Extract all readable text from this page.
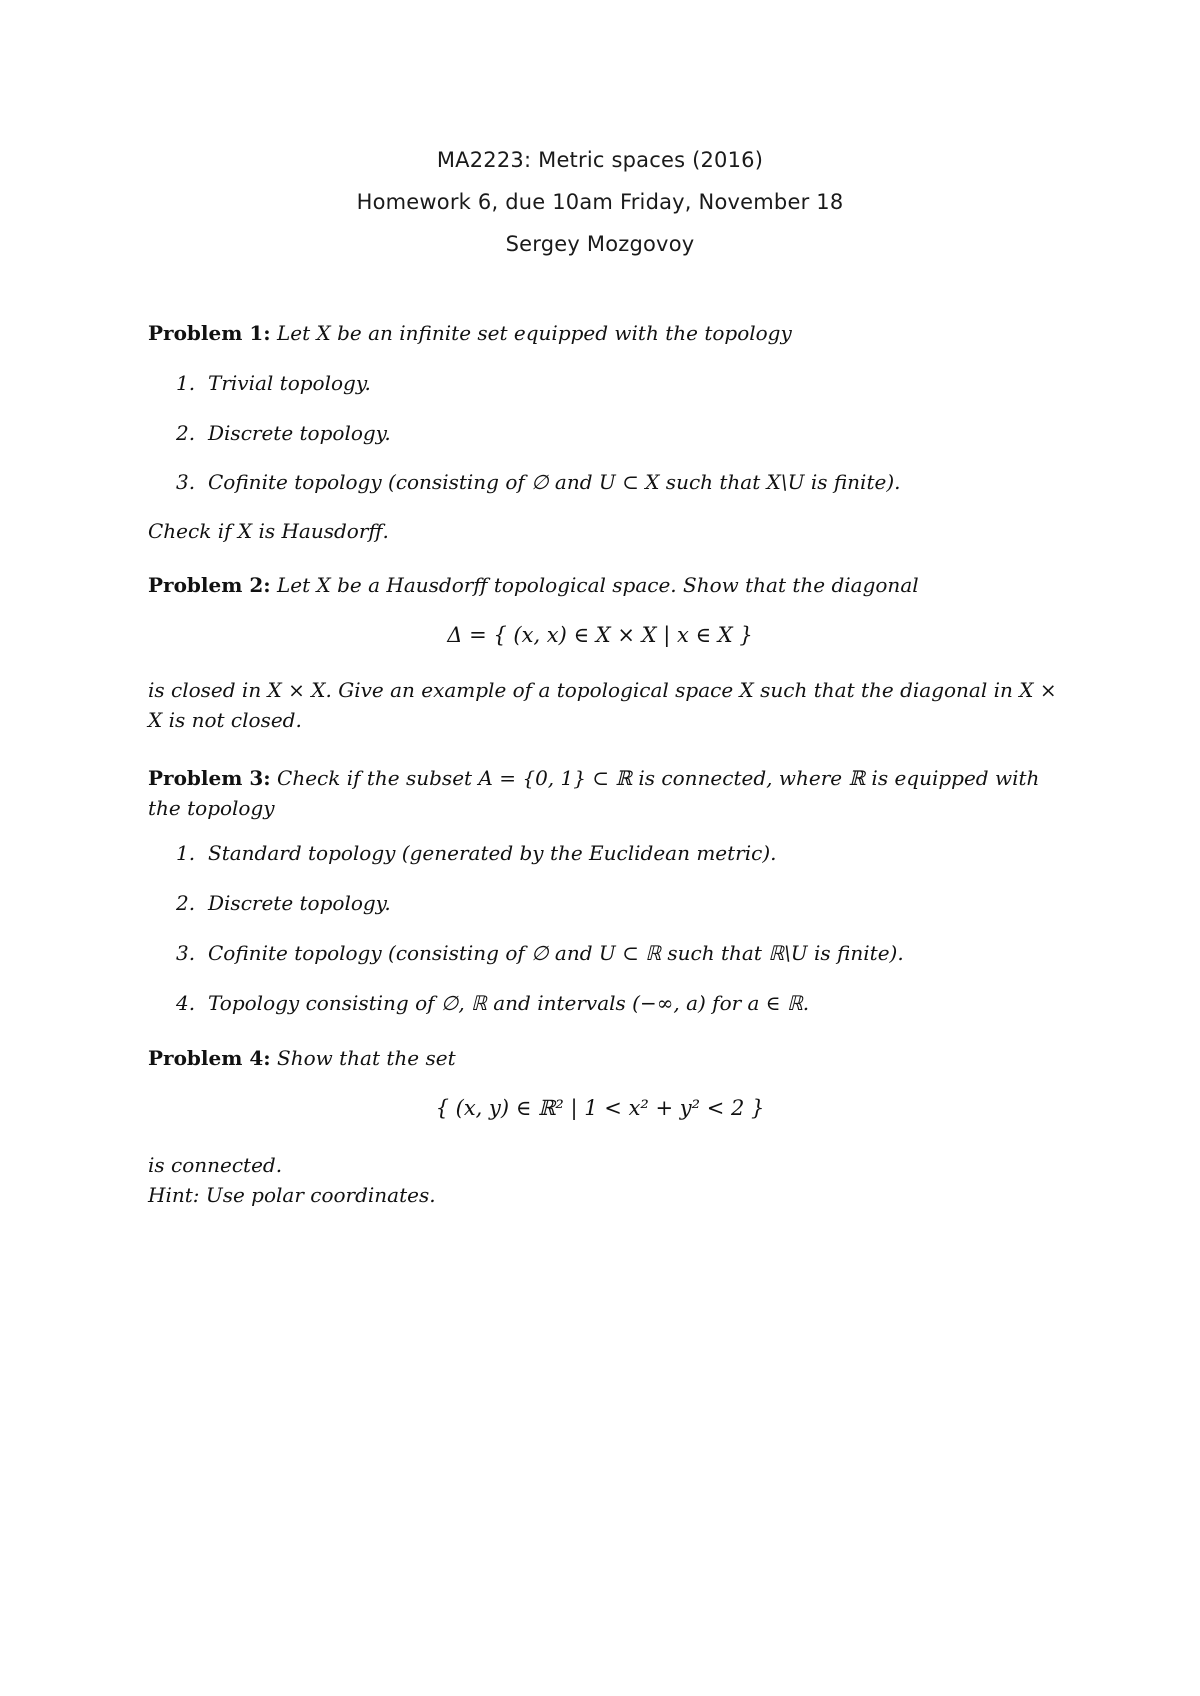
MA2223: Metric spaces (2016)
Homework 6, due 10am Friday, November 18
Sergey Mozgovoy
Problem 1: Let X be an infinite set equipped with the topology
1. Trivial topology.
2. Discrete topology.
3. Cofinite topology (consisting of ∅ and U ⊂ X such that X\U is finite).
Check if X is Hausdorff.
Problem 2: Let X be a Hausdorff topological space. Show that the diagonal
Δ = { (x, x) ∈ X × X | x ∈ X }
is closed in X × X. Give an example of a topological space X such that the diagonal in X × X is not closed.
Problem 3: Check if the subset A = {0, 1} ⊂ ℝ is connected, where ℝ is equipped with the topology
1. Standard topology (generated by the Euclidean metric).
2. Discrete topology.
3. Cofinite topology (consisting of ∅ and U ⊂ ℝ such that ℝ\U is finite).
4. Topology consisting of ∅, ℝ and intervals (−∞, a) for a ∈ ℝ.
Problem 4: Show that the set
{ (x, y) ∈ ℝ² | 1 < x² + y² < 2 }
is connected.
Hint: Use polar coordinates.
